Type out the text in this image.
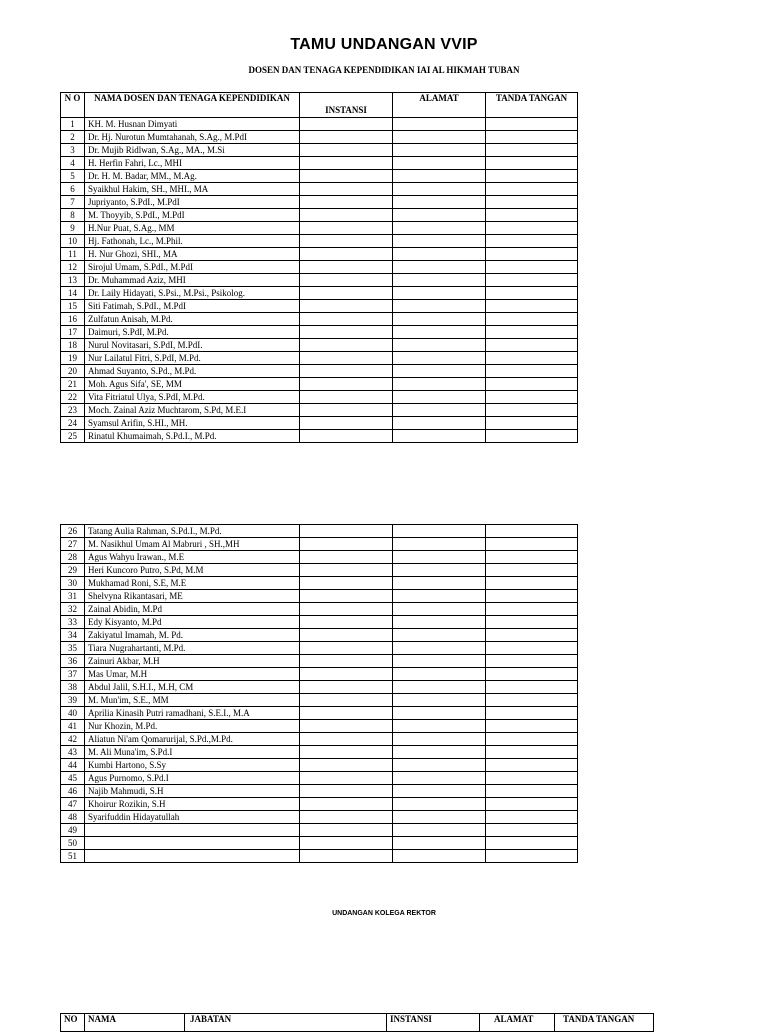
TAMU UNDANGAN VVIP
DOSEN DAN TENAGA KEPENDIDIKAN IAI AL HIKMAH TUBAN
N O	NAMA DOSEN DAN TENAGA KEPENDIDIKAN	INSTANSI	ALAMAT	TANDA TANGAN
1	KH. M. Husnan Dimyati			
2	Dr. Hj. Nurotun Mumtahanah, S.Ag., M.PdI			
3	Dr. Mujib Ridlwan, S.Ag., MA., M.Si			
4	H. Herfin Fahri, Lc., MHI			
5	Dr. H. M. Badar, MM., M.Ag.			
6	Syaikhul Hakim, SH., MHI., MA			
7	Jupriyanto, S.PdI., M.PdI			
8	M. Thoyyib, S.PdI., M.PdI			
9	H.Nur Puat, S.Ag., MM			
10	Hj. Fathonah, Lc., M.Phil.			
11	H. Nur Ghozi, SHI., MA			
12	Sirojul Umam, S.PdI., M.PdI			
13	Dr. Muhammad Aziz, MHI			
14	Dr. Laily Hidayati, S.Psi., M.Psi., Psikolog.			
15	Siti Fatimah, S.PdI., M.PdI			
16	Zulfatun Anisah, M.Pd.			
17	Daimuri, S.PdI, M.Pd.			
18	Nurul Novitasari, S.PdI, M.PdI.			
19	Nur Lailatul Fitri, S.PdI, M.Pd.			
20	Ahmad Suyanto, S.Pd., M.Pd.			
21	Moh. Agus Sifa', SE, MM			
22	Vita Fitriatul Ulya, S.PdI, M.Pd.			
23	Moch. Zainal Aziz Muchtarom, S.Pd, M.E.I			
24	Syamsul Arifin, S.HI., MH.			
25	Rinatul Khumaimah, S.Pd.I., M.Pd.			
26	Tatang Aulia Rahman, S.Pd.I., M.Pd.			
27	M. Nasikhul Umam Al Mabruri , SH.,MH			
28	Agus Wahyu Irawan., M.E			
29	Heri Kuncoro Putro, S.Pd, M.M			
30	Mukhamad Roni, S.E, M.E			
31	Shelvyna Rikantasari, ME			
32	Zainal Abidin, M.Pd			
33	Edy Kisyanto, M.Pd			
34	Zakiyatul Imamah, M. Pd.			
35	Tiara Nugrahartanti, M.Pd.			
36	Zainuri Akbar, M.H			
37	Mas Umar, M.H			
38	Abdul Jalil, S.H.I., M.H, CM			
39	M. Mun'im, S.E., MM			
40	Aprilia Kinasih Putri ramadhani, S.E.I., M.A			
41	Nur Khozin, M.Pd.			
42	Aliatun Ni'am Qomarurijal, S.Pd.,M.Pd.			
43	M. Ali Muna'im, S.Pd.I			
44	Kumbi Hartono, S.Sy			
45	Agus Purnomo, S.Pd.I			
46	Najib Mahmudi, S.H			
47	Khoirur Rozikin, S.H			
48	Syarifuddin Hidayatullah			
49				
50				
51				
UNDANGAN KOLEGA REKTOR
NO	NAMA	JABATAN	INSTANSI	ALAMAT	TANDA TANGAN
